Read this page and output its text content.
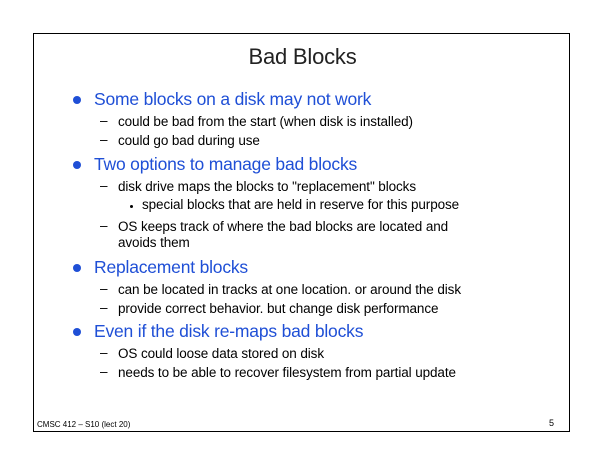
Bad Blocks
Some blocks on a disk may not work
– could be bad from the start (when disk is installed)
– could go bad during use
Two options to manage bad blocks
– disk drive maps the blocks to "replacement" blocks
special blocks that are held in reserve for this purpose
– OS keeps track of where the bad blocks are located and
avoids them
Replacement blocks
– can be located in tracks at one location. or around the disk
– provide correct behavior. but change disk performance
Even if the disk re-maps bad blocks
– OS could loose data stored on disk
– needs to be able to recover filesystem from partial update
CMSC 412 – S10 (lect 20)	5
